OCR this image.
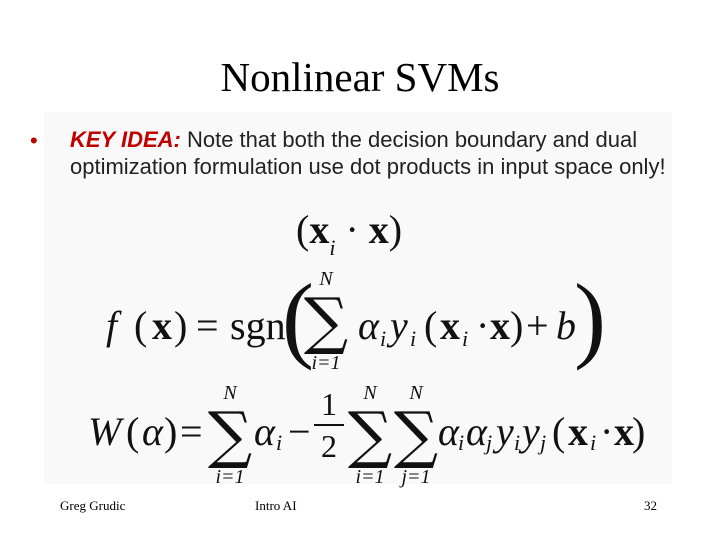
Nonlinear SVMs
• KEY IDEA: Note that both the decision boundary and dual optimization formulation use dot products in input space only!
$(x_i \cdot x)$
f ( x ) = sgn
( N
∑
i=1
α i y i ( x i · x ) + b
)
W ( α ) =
N
∑
i=1
α i −
1
2
N
∑
i=1
N
∑
j=1
α i α j y i y j ( x i · x
)
Greg Grudic	Intro AI	32
